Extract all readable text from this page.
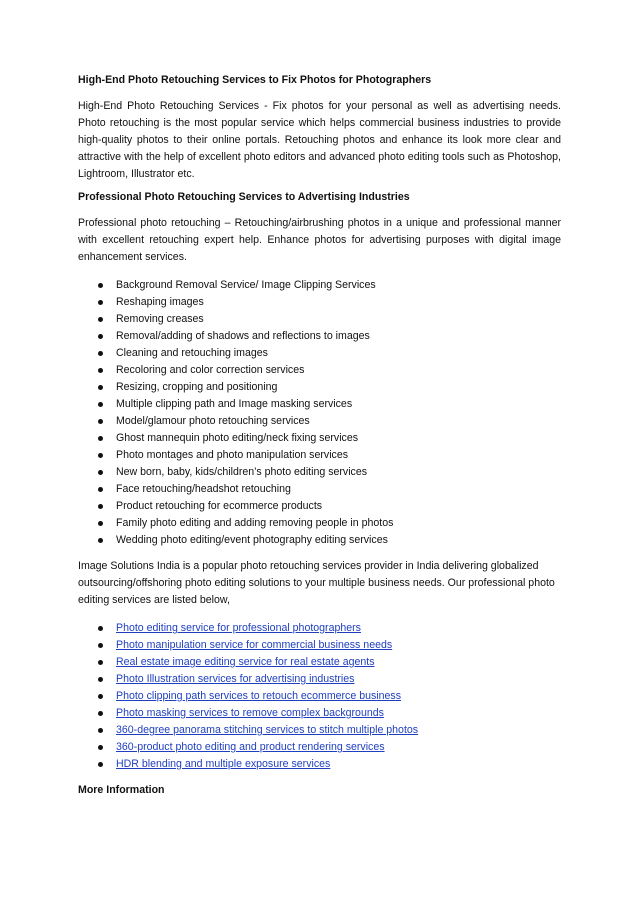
High-End Photo Retouching Services to Fix Photos for Photographers

High-End Photo Retouching Services - Fix photos for your personal as well as advertising needs. Photo retouching is the most popular service which helps commercial business industries to provide high-quality photos to their online portals. Retouching photos and enhance its look more clear and attractive with the help of excellent photo editors and advanced photo editing tools such as Photoshop, Lightroom, Illustrator etc.

Professional Photo Retouching Services to Advertising Industries

Professional photo retouching – Retouching/airbrushing photos in a unique and professional manner with excellent retouching expert help. Enhance photos for advertising purposes with digital image enhancement services.

Background Removal Service/ Image Clipping Services
Reshaping images
Removing creases
Removal/adding of shadows and reflections to images
Cleaning and retouching images
Recoloring and color correction services
Resizing, cropping and positioning
Multiple clipping path and Image masking services
Model/glamour photo retouching services
Ghost mannequin photo editing/neck fixing services
Photo montages and photo manipulation services
New born, baby, kids/children’s photo editing services
Face retouching/headshot retouching
Product retouching for ecommerce products
Family photo editing and adding removing people in photos
Wedding photo editing/event photography editing services

Image Solutions India is a popular photo retouching services provider in India delivering globalized outsourcing/offshoring photo editing solutions to your multiple business needs. Our professional photo editing services are listed below,

Photo editing service for professional photographers
Photo manipulation service for commercial business needs
Real estate image editing service for real estate agents
Photo Illustration services for advertising industries
Photo clipping path services to retouch ecommerce business
Photo masking services to remove complex backgrounds
360-degree panorama stitching services to stitch multiple photos
360-product photo editing and product rendering services
HDR blending and multiple exposure services
More Information
